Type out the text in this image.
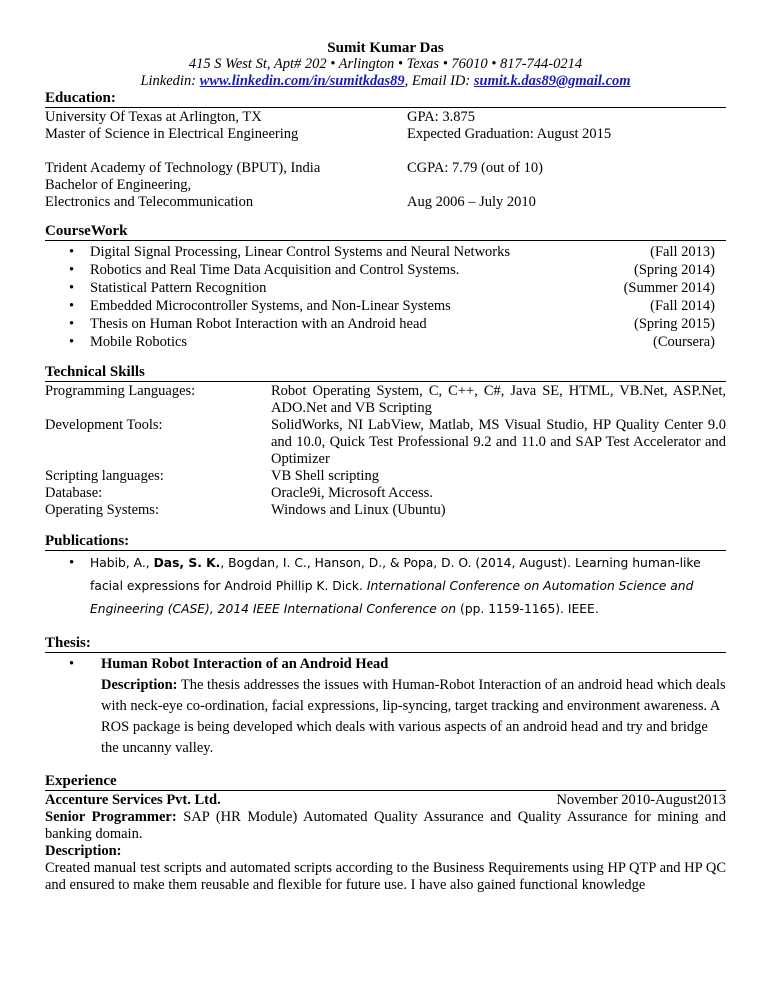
Sumit Kumar Das
415 S West St, Apt# 202 • Arlington • Texas • 76010 • 817-744-0214
Linkedin: www.linkedin.com/in/sumitkdas89, Email ID: sumit.k.das89@gmail.com
Education:
University Of Texas at Arlington, TX	GPA: 3.875
Master of Science in Electrical Engineering	Expected Graduation: August 2015
Trident Academy of Technology (BPUT), India	CGPA: 7.79 (out of 10)
Bachelor of Engineering,
Electronics and Telecommunication	Aug 2006 – July 2010
CourseWork
• Digital Signal Processing, Linear Control Systems and Neural Networks	(Fall 2013)
• Robotics and Real Time Data Acquisition and Control Systems.	(Spring 2014)
• Statistical Pattern Recognition	(Summer 2014)
• Embedded Microcontroller Systems, and Non-Linear Systems	(Fall 2014)
• Thesis on Human Robot Interaction with an Android head	(Spring 2015)
• Mobile Robotics	(Coursera)
Technical Skills
Programming Languages:	Robot Operating System, C, C++, C#, Java SE, HTML, VB.Net, ASP.Net, ADO.Net and VB Scripting
Development Tools:	SolidWorks, NI LabView, Matlab, MS Visual Studio, HP Quality Center 9.0 and 10.0, Quick Test Professional 9.2 and 11.0 and SAP Test Accelerator and Optimizer
Scripting languages:	VB Shell scripting
Database:	Oracle9i, Microsoft Access.
Operating Systems:	Windows and Linux (Ubuntu)
Publications:
• Habib, A., Das, S. K., Bogdan, I. C., Hanson, D., & Popa, D. O. (2014, August). Learning human-like facial expressions for Android Phillip K. Dick. International Conference on Automation Science and Engineering (CASE), 2014 IEEE International Conference on (pp. 1159-1165). IEEE.
Thesis:
• Human Robot Interaction of an Android Head
Description: The thesis addresses the issues with Human-Robot Interaction of an android head which deals with neck-eye co-ordination, facial expressions, lip-syncing, target tracking and environment awareness. A ROS package is being developed which deals with various aspects of an android head and try and bridge the uncanny valley.
Experience
Accenture Services Pvt. Ltd.	November 2010-August2013
Senior Programmer: SAP (HR Module) Automated Quality Assurance and Quality Assurance for mining and banking domain.
Description:
Created manual test scripts and automated scripts according to the Business Requirements using HP QTP and HP QC and ensured to make them reusable and flexible for future use. I have also gained functional knowledge
